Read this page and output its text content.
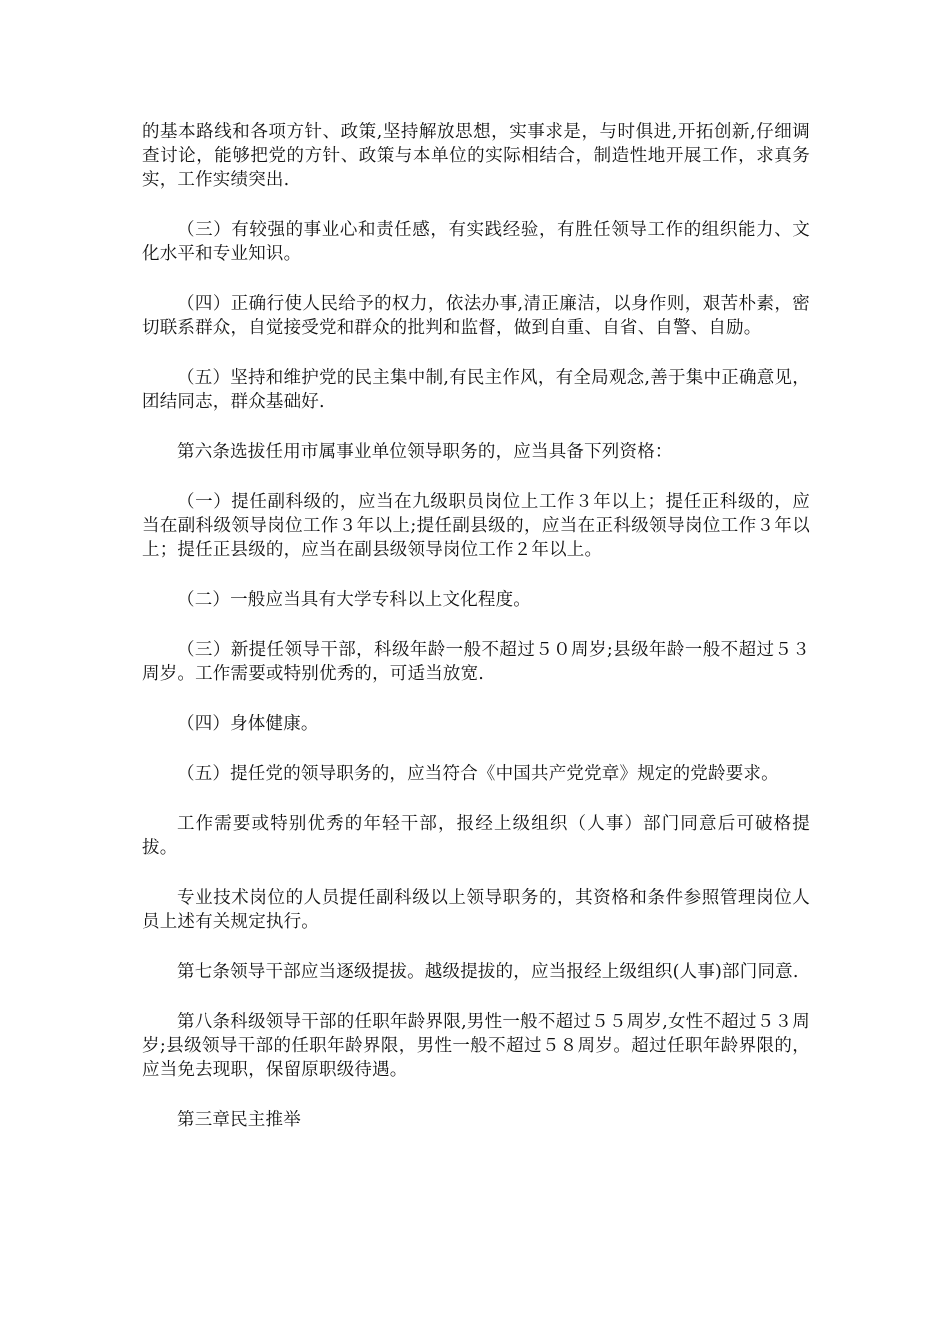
的基本路线和各项方针、政策,坚持解放思想，实事求是，与时俱进,开拓创新,仔细调查讨论，能够把党的方针、政策与本单位的实际相结合，制造性地开展工作，求真务实，工作实绩突出.

（三）有较强的事业心和责任感，有实践经验，有胜任领导工作的组织能力、文化水平和专业知识。

（四）正确行使人民给予的权力，依法办事,清正廉洁，以身作则，艰苦朴素，密切联系群众，自觉接受党和群众的批判和监督，做到自重、自省、自警、自励。

（五）坚持和维护党的民主集中制,有民主作风，有全局观念,善于集中正确意见，团结同志，群众基础好.

第六条选拔任用市属事业单位领导职务的，应当具备下列资格：

（一）提任副科级的，应当在九级职员岗位上工作３年以上；提任正科级的，应当在副科级领导岗位工作３年以上;提任副县级的，应当在正科级领导岗位工作３年以上；提任正县级的，应当在副县级领导岗位工作２年以上。

（二）一般应当具有大学专科以上文化程度。

（三）新提任领导干部，科级年龄一般不超过５０周岁;县级年龄一般不超过５３周岁。工作需要或特别优秀的，可适当放宽.

（四）身体健康。

（五）提任党的领导职务的，应当符合《中国共产党党章》规定的党龄要求。

工作需要或特别优秀的年轻干部，报经上级组织（人事）部门同意后可破格提拔。

专业技术岗位的人员提任副科级以上领导职务的，其资格和条件参照管理岗位人员上述有关规定执行。

第七条领导干部应当逐级提拔。越级提拔的，应当报经上级组织(人事)部门同意.

第八条科级领导干部的任职年龄界限,男性一般不超过５５周岁,女性不超过５３周岁;县级领导干部的任职年龄界限，男性一般不超过５８周岁。超过任职年龄界限的，应当免去现职，保留原职级待遇。

第三章民主推举
